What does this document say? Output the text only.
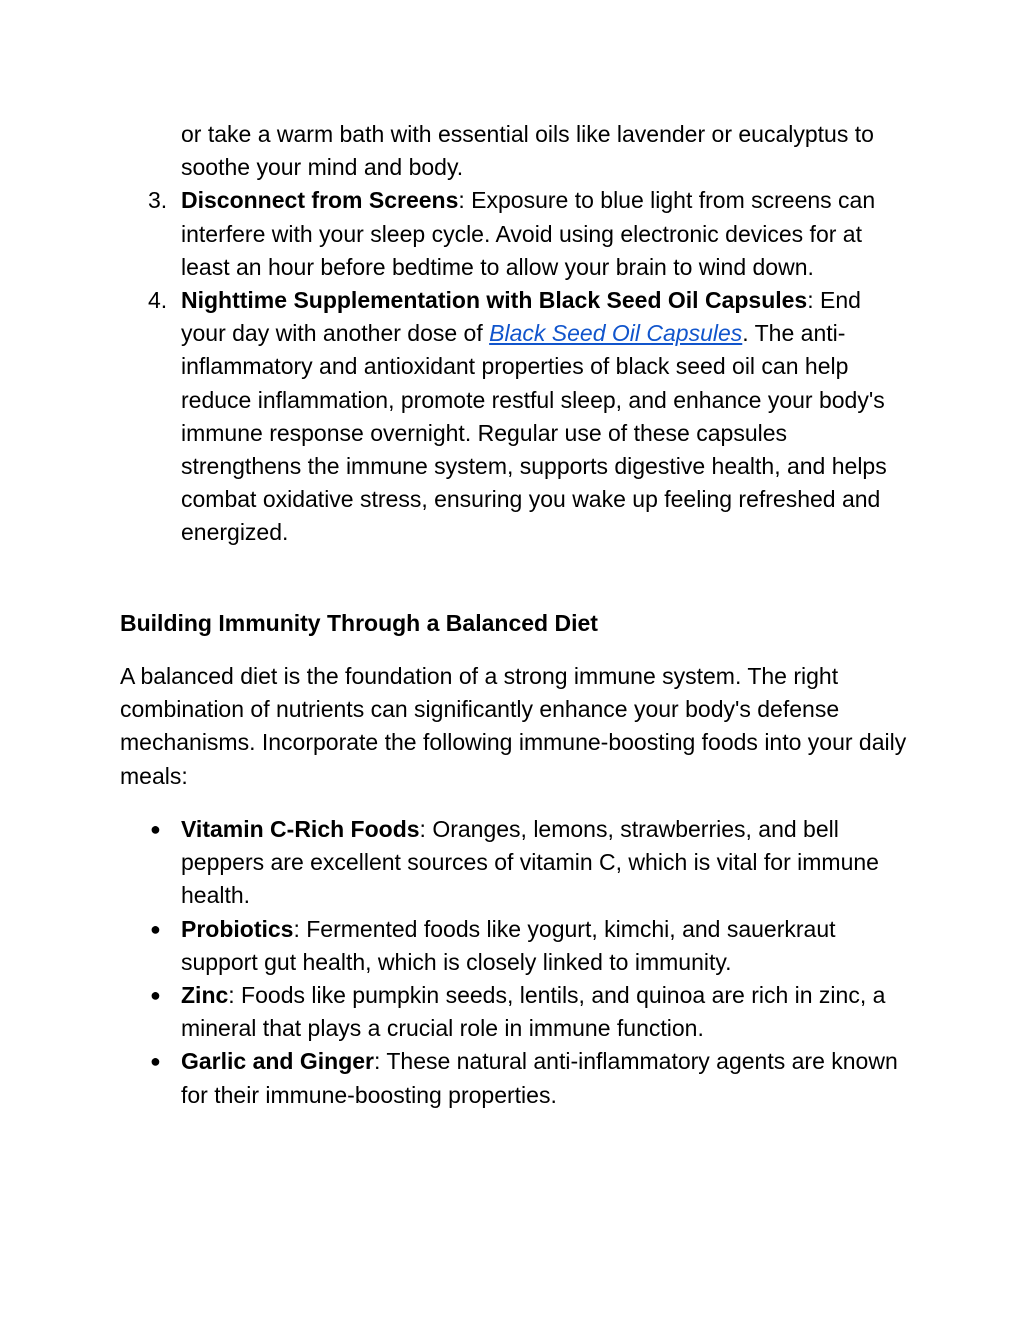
or take a warm bath with essential oils like lavender or eucalyptus to soothe your mind and body.
3. Disconnect from Screens: Exposure to blue light from screens can interfere with your sleep cycle. Avoid using electronic devices for at least an hour before bedtime to allow your brain to wind down.
4. Nighttime Supplementation with Black Seed Oil Capsules: End your day with another dose of Black Seed Oil Capsules. The anti-inflammatory and antioxidant properties of black seed oil can help reduce inflammation, promote restful sleep, and enhance your body's immune response overnight. Regular use of these capsules strengthens the immune system, supports digestive health, and helps combat oxidative stress, ensuring you wake up feeling refreshed and energized.
Building Immunity Through a Balanced Diet

A balanced diet is the foundation of a strong immune system. The right combination of nutrients can significantly enhance your body's defense mechanisms. Incorporate the following immune-boosting foods into your daily meals:

● Vitamin C-Rich Foods: Oranges, lemons, strawberries, and bell peppers are excellent sources of vitamin C, which is vital for immune health.
● Probiotics: Fermented foods like yogurt, kimchi, and sauerkraut support gut health, which is closely linked to immunity.
● Zinc: Foods like pumpkin seeds, lentils, and quinoa are rich in zinc, a mineral that plays a crucial role in immune function.
● Garlic and Ginger: These natural anti-inflammatory agents are known for their immune-boosting properties.
